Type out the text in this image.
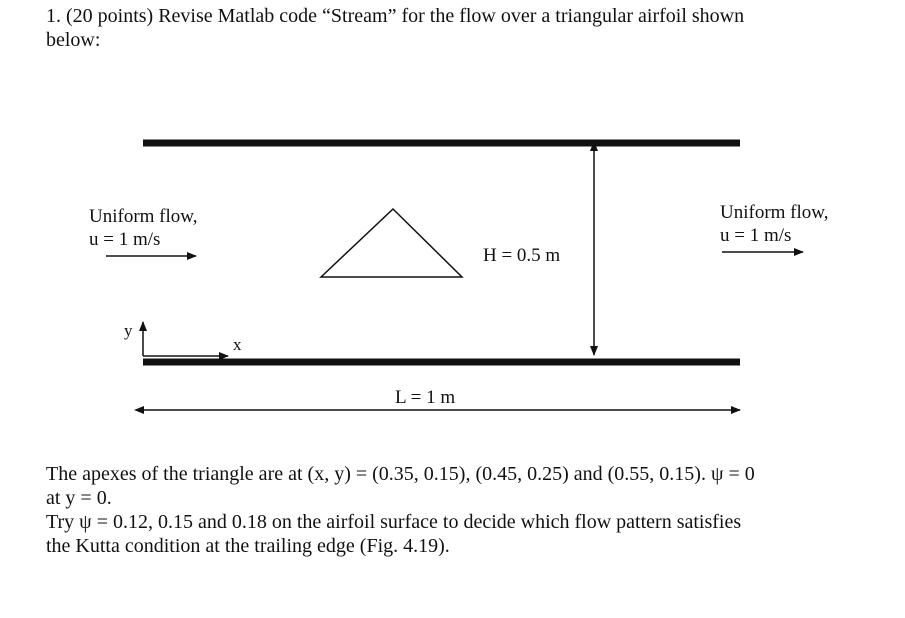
1. (20 points) Revise Matlab code “Stream” for the flow over a triangular airfoil shown
below:
Uniform flow,
u = 1 m/s
Uniform flow,
u = 1 m/s
H = 0.5 m
L = 1 m
y
x
The apexes of the triangle are at (x, y) = (0.35, 0.15), (0.45, 0.25) and (0.55, 0.15). ψ = 0
at y = 0.
Try ψ = 0.12, 0.15 and 0.18 on the airfoil surface to decide which flow pattern satisfies
the Kutta condition at the trailing edge (Fig. 4.19).
